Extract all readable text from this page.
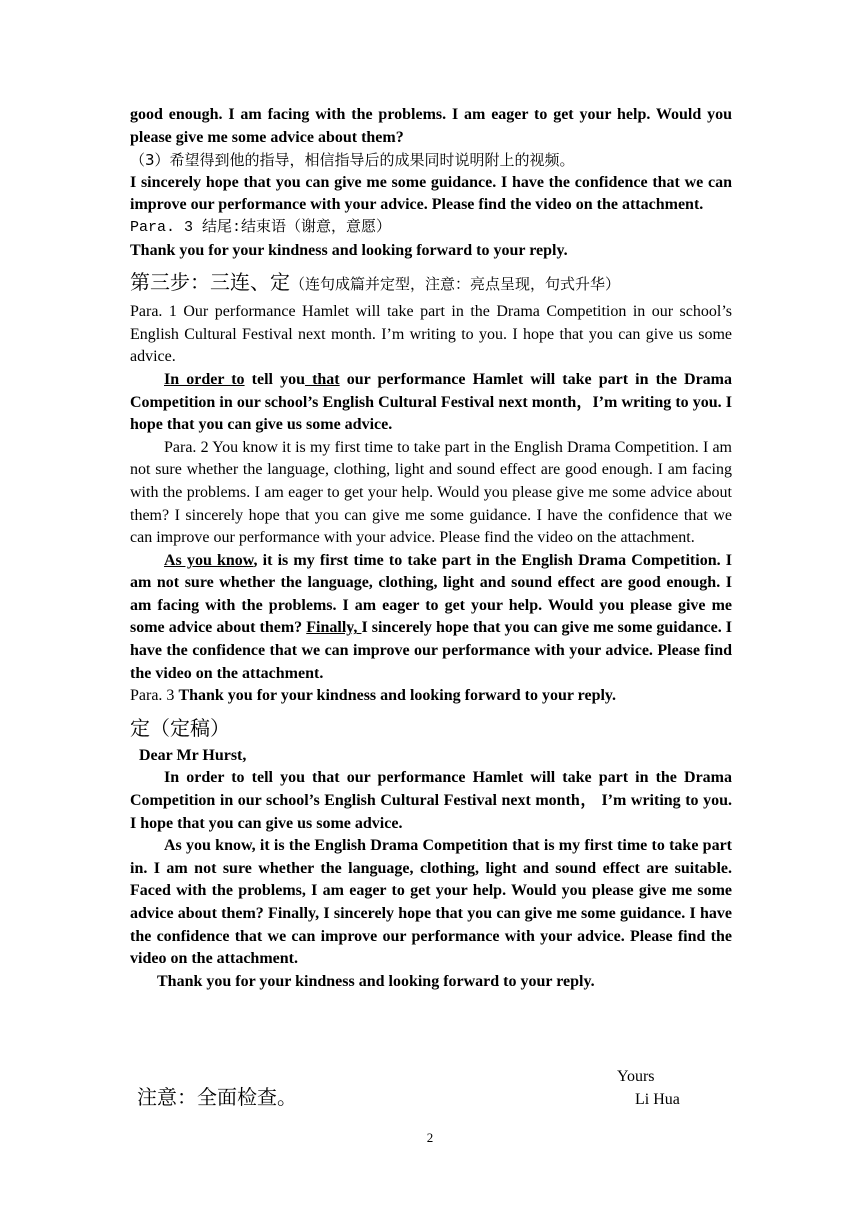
good enough. I am facing with the problems. I am eager to get your help. Would you please give me some advice about them?

（3）希望得到他的指导，相信指导后的成果同时说明附上的视频。

I sincerely hope that you can give me some guidance. I have the confidence that we can improve our performance with your advice. Please find the video on the attachment.

Para. 3 结尾:结束语（谢意，意愿）

Thank you for your kindness and looking forward to your reply.

第三步：三连、定（连句成篇并定型，注意：亮点呈现，句式升华）

Para. 1 Our performance Hamlet will take part in the Drama Competition in our school’s English Cultural Festival next month. I’m writing to you. I hope that you can give us some advice.

In order to tell you that our performance Hamlet will take part in the Drama Competition in our school’s English Cultural Festival next month，I’m writing to you. I hope that you can give us some advice.

Para. 2 You know it is my first time to take part in the English Drama Competition. I am not sure whether the language, clothing, light and sound effect are good enough. I am facing with the problems. I am eager to get your help. Would you please give me some advice about them? I sincerely hope that you can give me some guidance. I have the confidence that we can improve our performance with your advice. Please find the video on the attachment.

As you know, it is my first time to take part in the English Drama Competition. I am not sure whether the language, clothing, light and sound effect are good enough. I am facing with the problems. I am eager to get your help. Would you please give me some advice about them? Finally, I sincerely hope that you can give me some guidance. I have the confidence that we can improve our performance with your advice. Please find the video on the attachment.

Para. 3 Thank you for your kindness and looking forward to your reply.

定（定稿）

Dear Mr Hurst,

In order to tell you that our performance Hamlet will take part in the Drama Competition in our school’s English Cultural Festival next month， I’m writing to you. I hope that you can give us some advice.

As you know, it is the English Drama Competition that is my first time to take part in. I am not sure whether the language, clothing, light and sound effect are suitable. Faced with the problems, I am eager to get your help. Would you please give me some advice about them? Finally, I sincerely hope that you can give me some guidance. I have the confidence that we can improve our performance with your advice. Please find the video on the attachment.

Thank you for your kindness and looking forward to your reply.

Yours
Li Hua
注意：全面检查。
2
